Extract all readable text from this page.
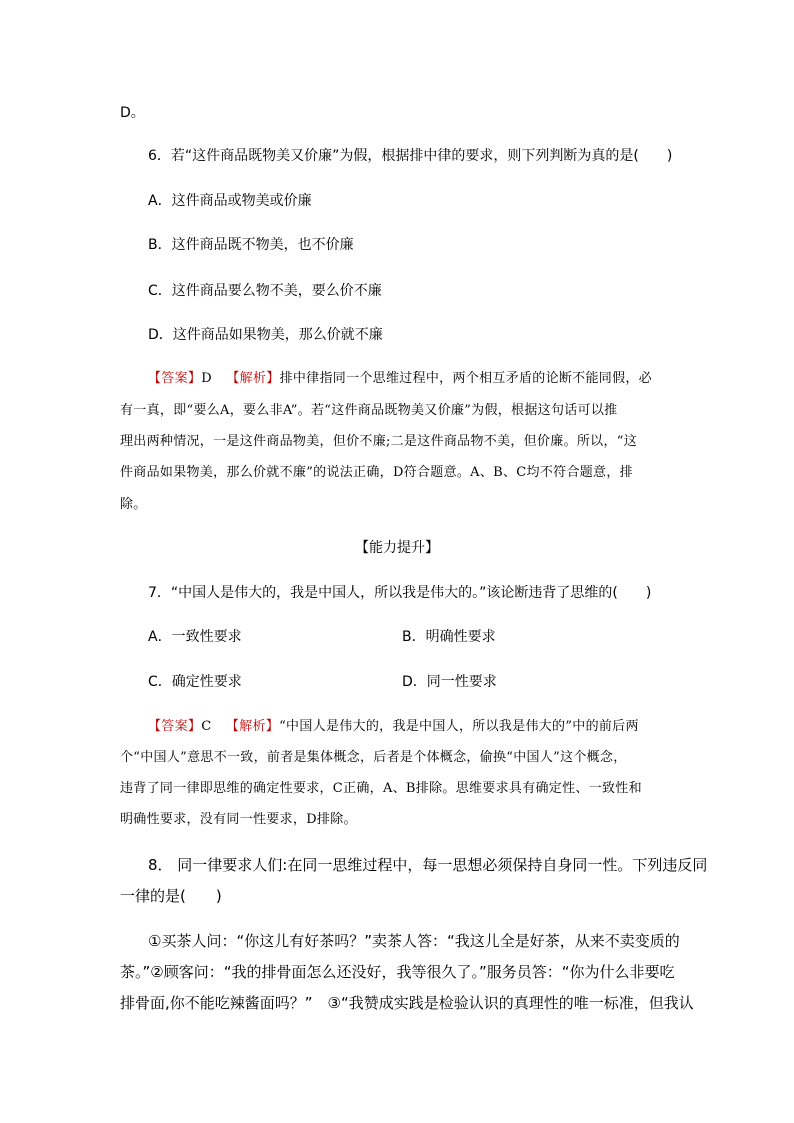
D。
6．若“这件商品既物美又价廉”为假，根据排中律的要求，则下列判断为真的是(　　)
A．这件商品或物美或价廉
B．这件商品既不物美，也不价廉
C．这件商品要么物不美，要么价不廉
D．这件商品如果物美，那么价就不廉
【答案】D 【解析】排中律指同一个思维过程中，两个相互矛盾的论断不能同假，必
有一真，即“要么A，要么非A”。若“这件商品既物美又价廉”为假，根据这句话可以推
理出两种情况，一是这件商品物美，但价不廉;二是这件商品物不美，但价廉。所以，“这
件商品如果物美，那么价就不廉”的说法正确，D符合题意。A、B、C均不符合题意，排
除。
【能力提升】
7．“中国人是伟大的，我是中国人，所以我是伟大的。”该论断违背了思维的(　　)
A．一致性要求	B．明确性要求
C．确定性要求	D．同一性要求
【答案】C 【解析】“中国人是伟大的，我是中国人，所以我是伟大的”中的前后两
个“中国人”意思不一致，前者是集体概念，后者是个体概念，偷换“中国人”这个概念，
违背了同一律即思维的确定性要求，C正确，A、B排除。思维要求具有确定性、一致性和
明确性要求，没有同一性要求，D排除。
8． 同一律要求人们:在同一思维过程中，每一思想必须保持自身同一性。下列违反同
一律的是(　　)
①买茶人问：“你这儿有好茶吗？”卖茶人答：“我这儿全是好茶，从来不卖变质的
茶。”②顾客问：“我的排骨面怎么还没好，我等很久了。”服务员答：“你为什么非要吃
排骨面,你不能吃辣酱面吗？”　③“我赞成实践是检验认识的真理性的唯一标准，但我认
